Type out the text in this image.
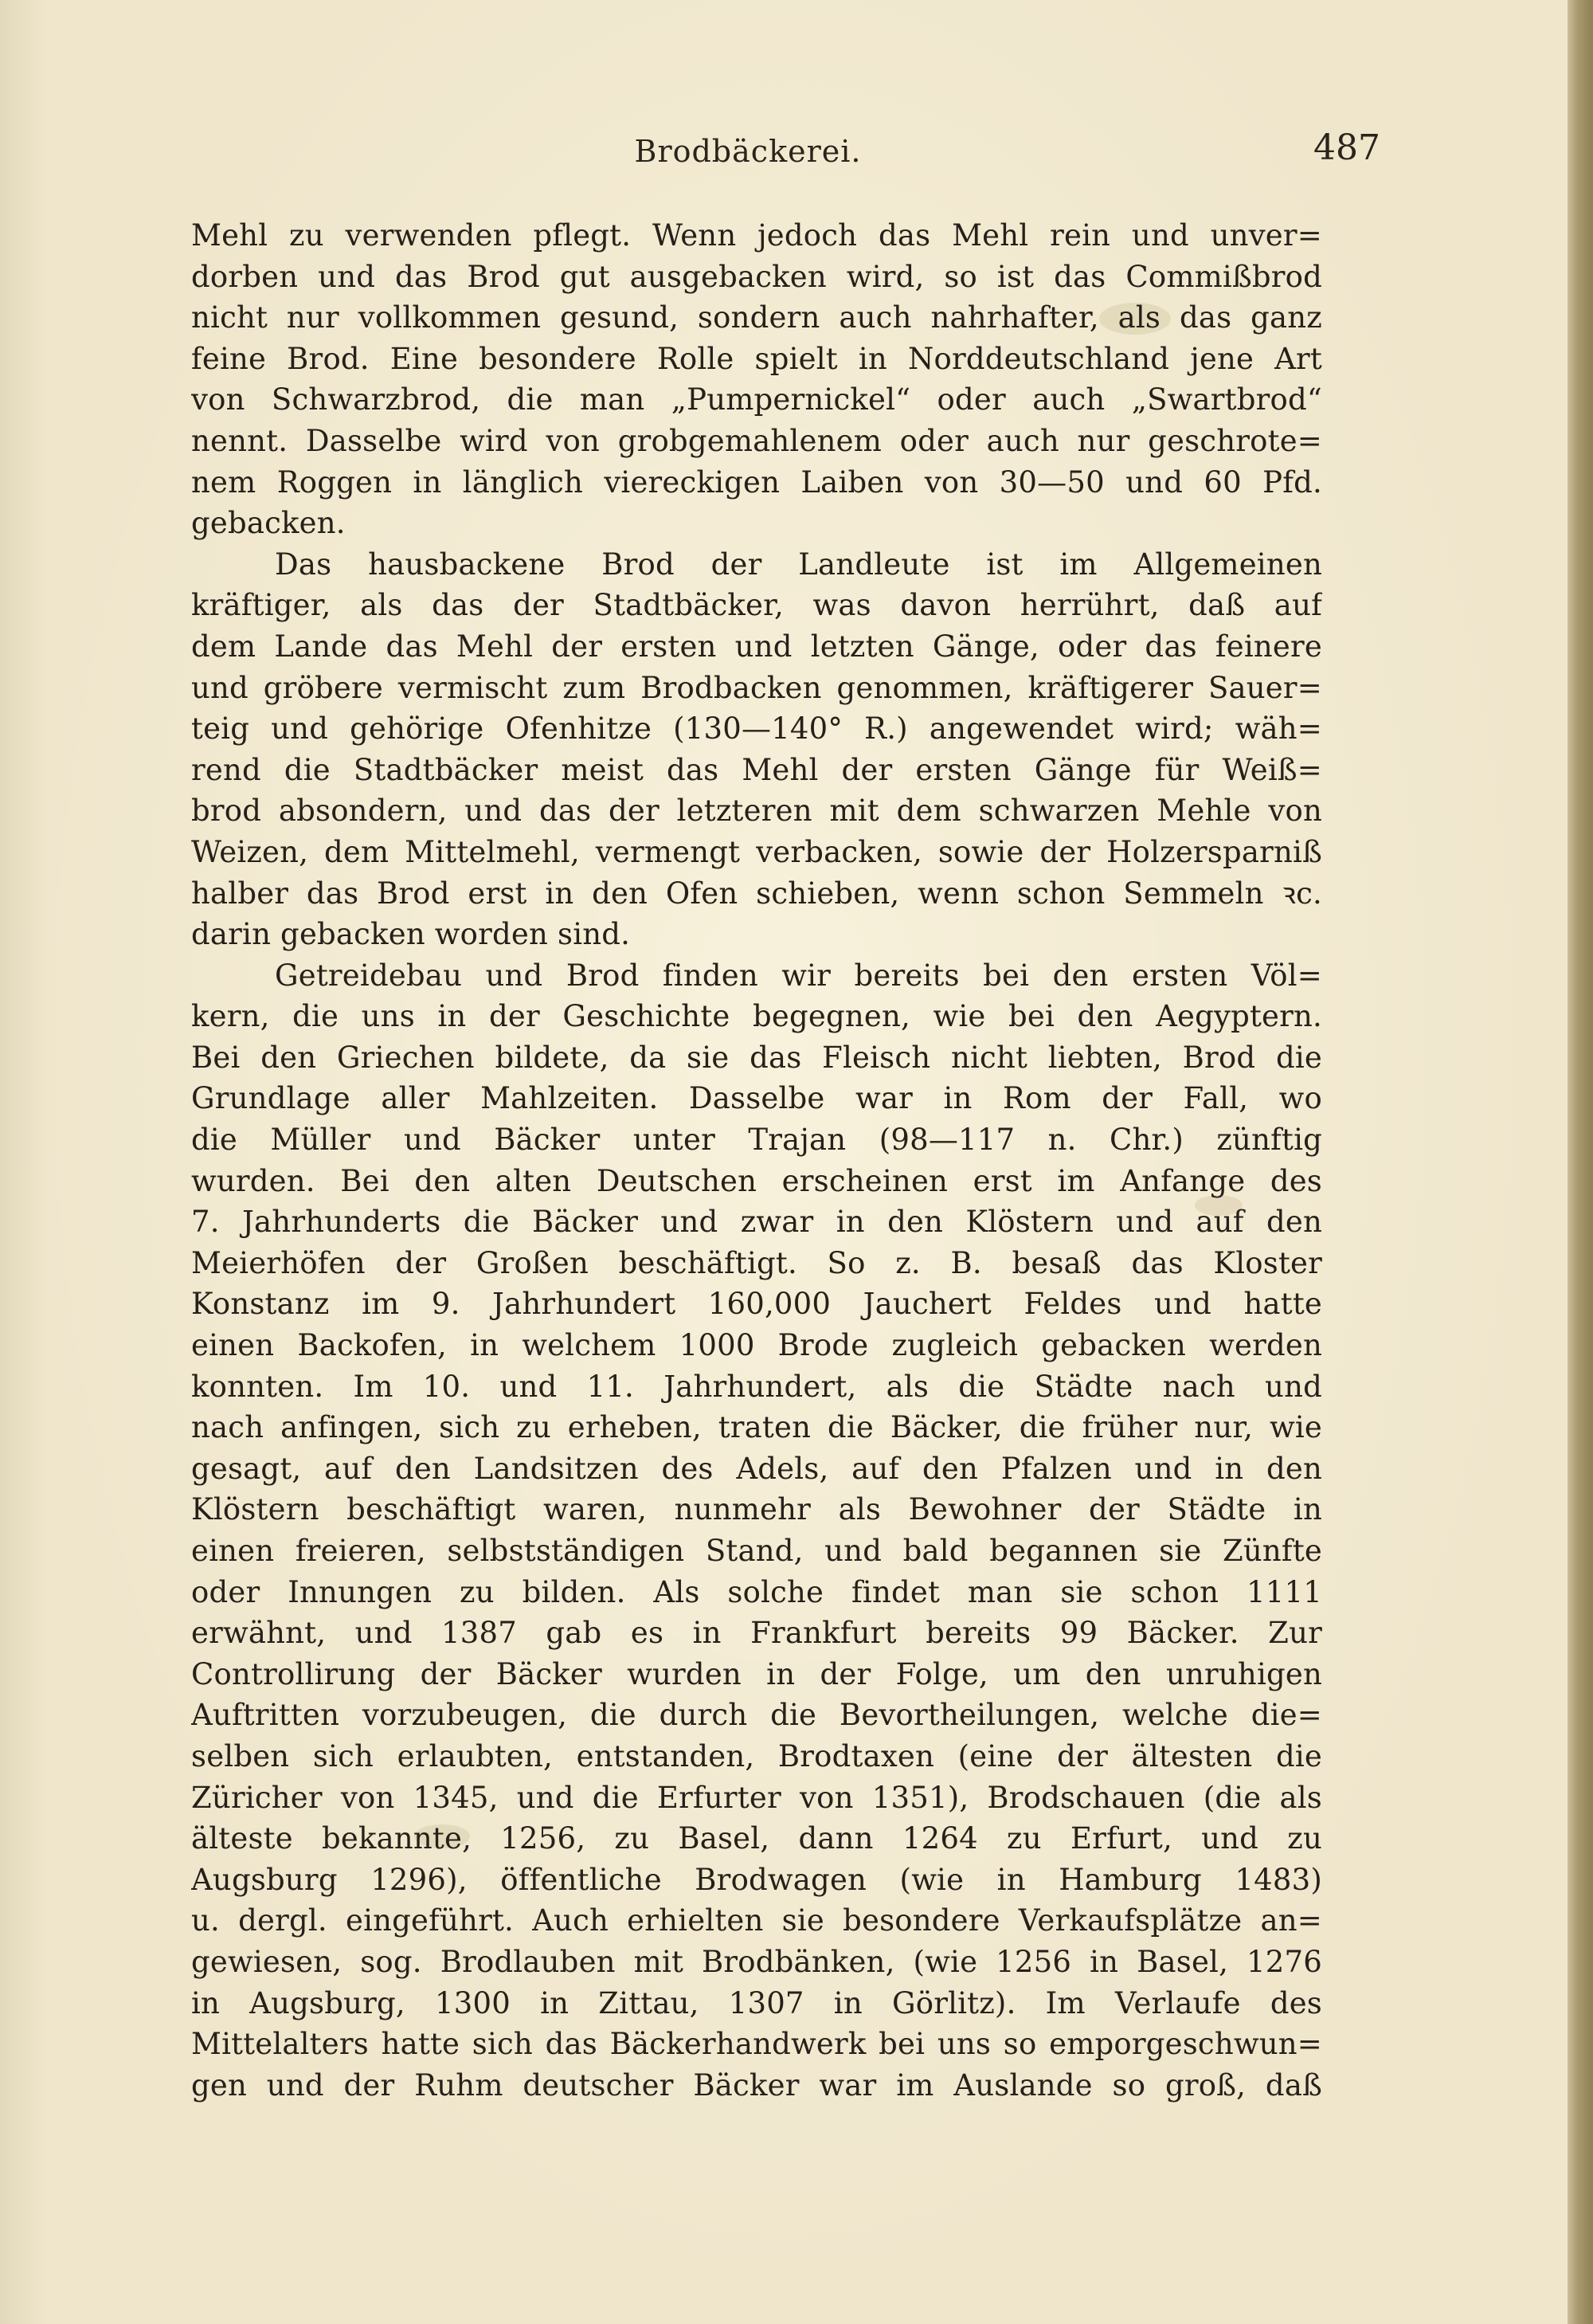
Brodbäckerei.	487
Mehl zu verwenden pflegt. Wenn jedoch das Mehl rein und unver=
dorben und das Brod gut ausgebacken wird, so ist das Commißbrod
nicht nur vollkommen gesund, sondern auch nahrhafter, als das ganz
feine Brod. Eine besondere Rolle spielt in Norddeutschland jene Art
von Schwarzbrod, die man „Pumpernickel“ oder auch „Swartbrod“
nennt. Dasselbe wird von grobgemahlenem oder auch nur geschrote=
nem Roggen in länglich viereckigen Laiben von 30—50 und 60 Pfd.
gebacken.
Das hausbackene Brod der Landleute ist im Allgemeinen
kräftiger, als das der Stadtbäcker, was davon herrührt, daß auf
dem Lande das Mehl der ersten und letzten Gänge, oder das feinere
und gröbere vermischt zum Brodbacken genommen, kräftigerer Sauer=
teig und gehörige Ofenhitze (130—140° R.) angewendet wird; wäh=
rend die Stadtbäcker meist das Mehl der ersten Gänge für Weiß=
brod absondern, und das der letzteren mit dem schwarzen Mehle von
Weizen, dem Mittelmehl, vermengt verbacken, sowie der Holzersparniß
halber das Brod erst in den Ofen schieben, wenn schon Semmeln ꝛc.
darin gebacken worden sind.
Getreidebau und Brod finden wir bereits bei den ersten Völ=
kern, die uns in der Geschichte begegnen, wie bei den Aegyptern.
Bei den Griechen bildete, da sie das Fleisch nicht liebten, Brod die
Grundlage aller Mahlzeiten. Dasselbe war in Rom der Fall, wo
die Müller und Bäcker unter Trajan (98—117 n. Chr.) zünftig
wurden. Bei den alten Deutschen erscheinen erst im Anfange des
7. Jahrhunderts die Bäcker und zwar in den Klöstern und auf den
Meierhöfen der Großen beschäftigt. So z. B. besaß das Kloster
Konstanz im 9. Jahrhundert 160,000 Jauchert Feldes und hatte
einen Backofen, in welchem 1000 Brode zugleich gebacken werden
konnten. Im 10. und 11. Jahrhundert, als die Städte nach und
nach anfingen, sich zu erheben, traten die Bäcker, die früher nur, wie
gesagt, auf den Landsitzen des Adels, auf den Pfalzen und in den
Klöstern beschäftigt waren, nunmehr als Bewohner der Städte in
einen freieren, selbstständigen Stand, und bald begannen sie Zünfte
oder Innungen zu bilden. Als solche findet man sie schon 1111
erwähnt, und 1387 gab es in Frankfurt bereits 99 Bäcker. Zur
Controllirung der Bäcker wurden in der Folge, um den unruhigen
Auftritten vorzubeugen, die durch die Bevortheilungen, welche die=
selben sich erlaubten, entstanden, Brodtaxen (eine der ältesten die
Züricher von 1345, und die Erfurter von 1351), Brodschauen (die als
älteste bekannte, 1256, zu Basel, dann 1264 zu Erfurt, und zu
Augsburg 1296), öffentliche Brodwagen (wie in Hamburg 1483)
u. dergl. eingeführt. Auch erhielten sie besondere Verkaufsplätze an=
gewiesen, sog. Brodlauben mit Brodbänken, (wie 1256 in Basel, 1276
in Augsburg, 1300 in Zittau, 1307 in Görlitz). Im Verlaufe des
Mittelalters hatte sich das Bäckerhandwerk bei uns so emporgeschwun=
gen und der Ruhm deutscher Bäcker war im Auslande so groß, daß
